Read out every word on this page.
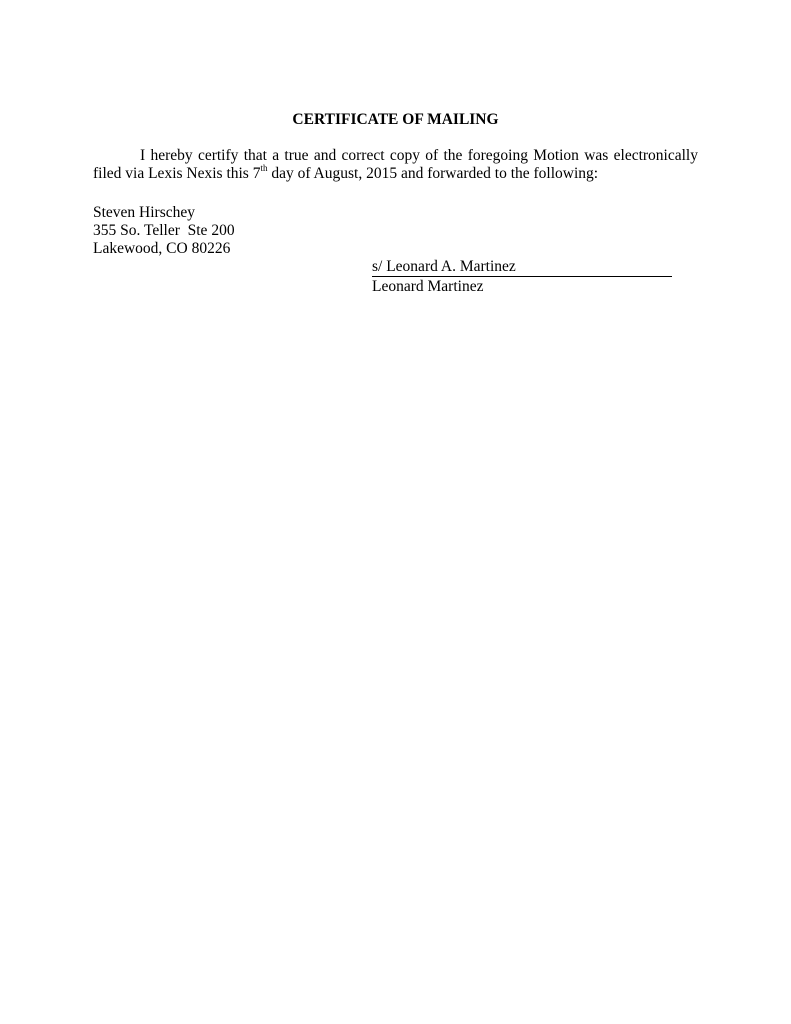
CERTIFICATE OF MAILING
I hereby certify that a true and correct copy of the foregoing Motion was electronically filed via Lexis Nexis this 7th day of August, 2015 and forwarded to the following:
Steven Hirschey
355 So. Teller  Ste 200
Lakewood, CO 80226
s/ Leonard A. Martinez
Leonard Martinez
